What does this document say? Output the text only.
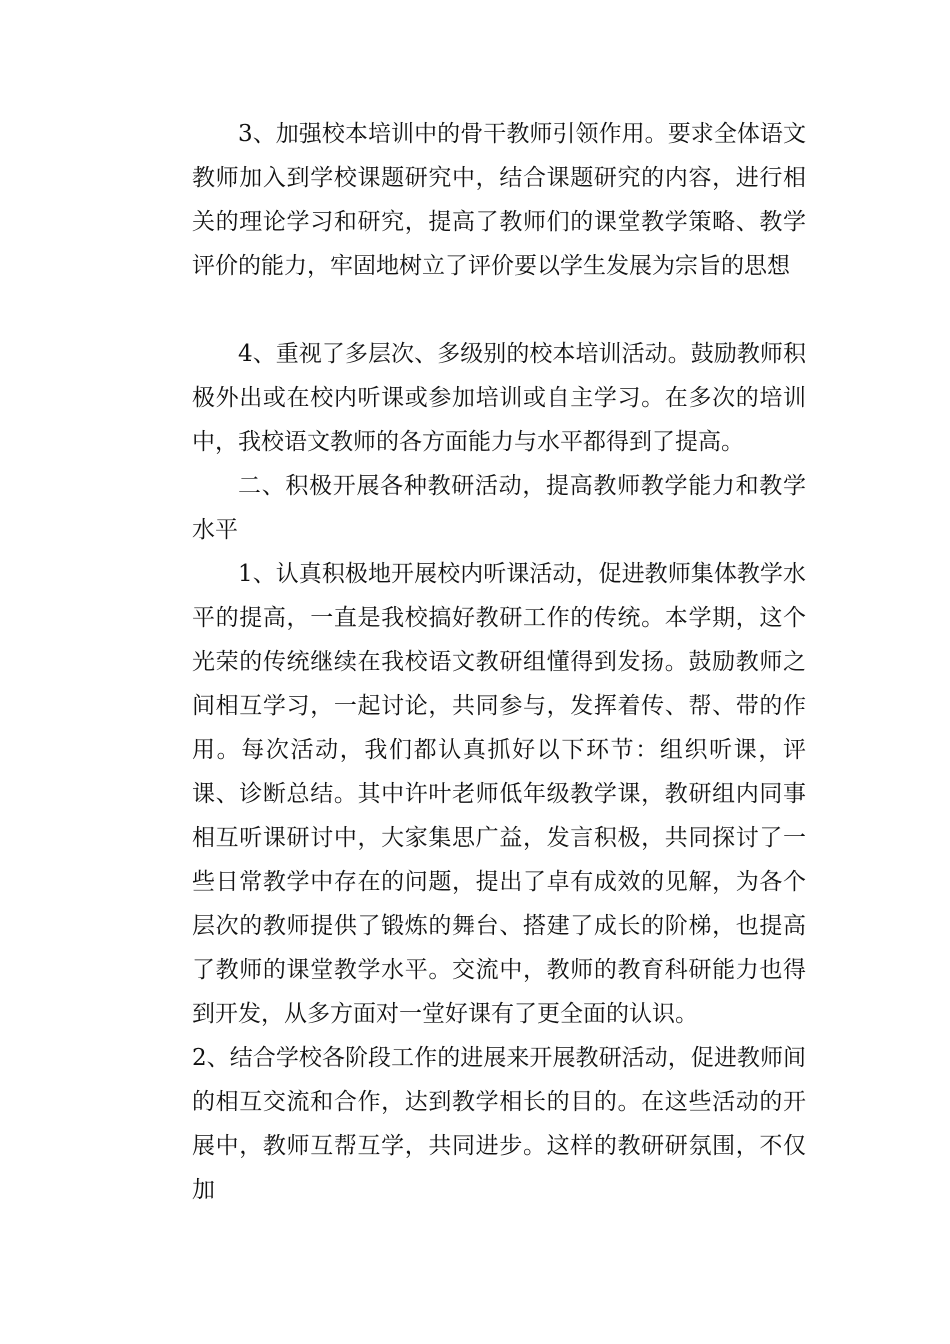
3、加强校本培训中的骨干教师引领作用。要求全体语文教师加入到学校课题研究中，结合课题研究的内容，进行相关的理论学习和研究，提高了教师们的课堂教学策略、教学评价的能力，牢固地树立了评价要以学生发展为宗旨的思想

4、重视了多层次、多级别的校本培训活动。鼓励教师积极外出或在校内听课或参加培训或自主学习。在多次的培训中，我校语文教师的各方面能力与水平都得到了提高。

二、积极开展各种教研活动，提高教师教学能力和教学水平

1、认真积极地开展校内听课活动，促进教师集体教学水平的提高，一直是我校搞好教研工作的传统。本学期，这个光荣的传统继续在我校语文教研组懂得到发扬。鼓励教师之间相互学习，一起讨论，共同参与，发挥着传、帮、带的作用。每次活动，我们都认真抓好以下环节：组织听课，评课、诊断总结。其中许叶老师低年级教学课，教研组内同事相互听课研讨中，大家集思广益，发言积极，共同探讨了一些日常教学中存在的问题，提出了卓有成效的见解，为各个层次的教师提供了锻炼的舞台、搭建了成长的阶梯，也提高了教师的课堂教学水平。交流中，教师的教育科研能力也得到开发，从多方面对一堂好课有了更全面的认识。

2、结合学校各阶段工作的进展来开展教研活动，促进教师间的相互交流和合作，达到教学相长的目的。在这些活动的开展中，教师互帮互学，共同进步。这样的教研研氛围，不仅加
